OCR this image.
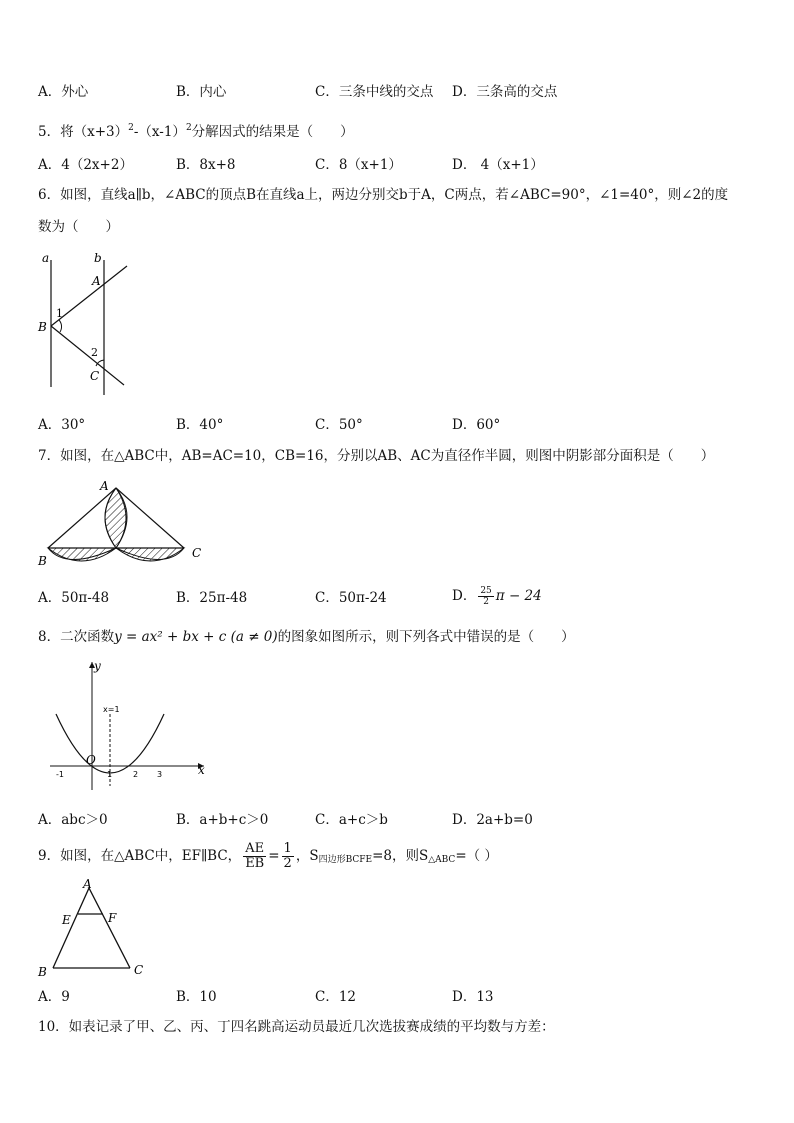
A．外心	B．内心	C．三条中线的交点 D．三条高的交点
5．将$(x+3)^2-(x-1)^2$分解因式的结果是（　　）
A．4（2x+2）	B．8x+8	C．8（x+1）	D． 4（x+1）
6．如图，直线a∥b，∠ABC的顶点B在直线a上，两边分别交b于A，C两点，若∠ABC=90°，∠1=40°，则∠2的度
数为（　　）
a	b
A
B
C
1
2
A．30°	B．40°	C．50°	D．60°
7．如图，在△ABC中，AB=AC=10，CB=16，分别以AB、AC为直径作半圆，则图中阴影部分面积是（　　）
A
B
C
A．50π-48	B．25π-48	C．50π-24	D． $\frac{25}{2}$ π − 24
8．二次函数y = ax² + bx + c (a ≠ 0)的图象如图所示，则下列各式中错误的是（　　）
y
x
O
x=1
-1	1	2 3
A．abc＞0	B．a+b+c＞0	C．a+c＞b	D．2a+b=0
9．如图，在△ABC中，EF∥BC， $\frac{AE}{EB} = \frac{1}{2}$ ，$S_{四边形BCFE}=8$，则$S_{\triangle ABC}=$（ ）
A
E	F
B	C
A．9	B．10	C．12	D．13
10．如表记录了甲、乙、丙、丁四名跳高运动员最近几次选拔赛成绩的平均数与方差：
